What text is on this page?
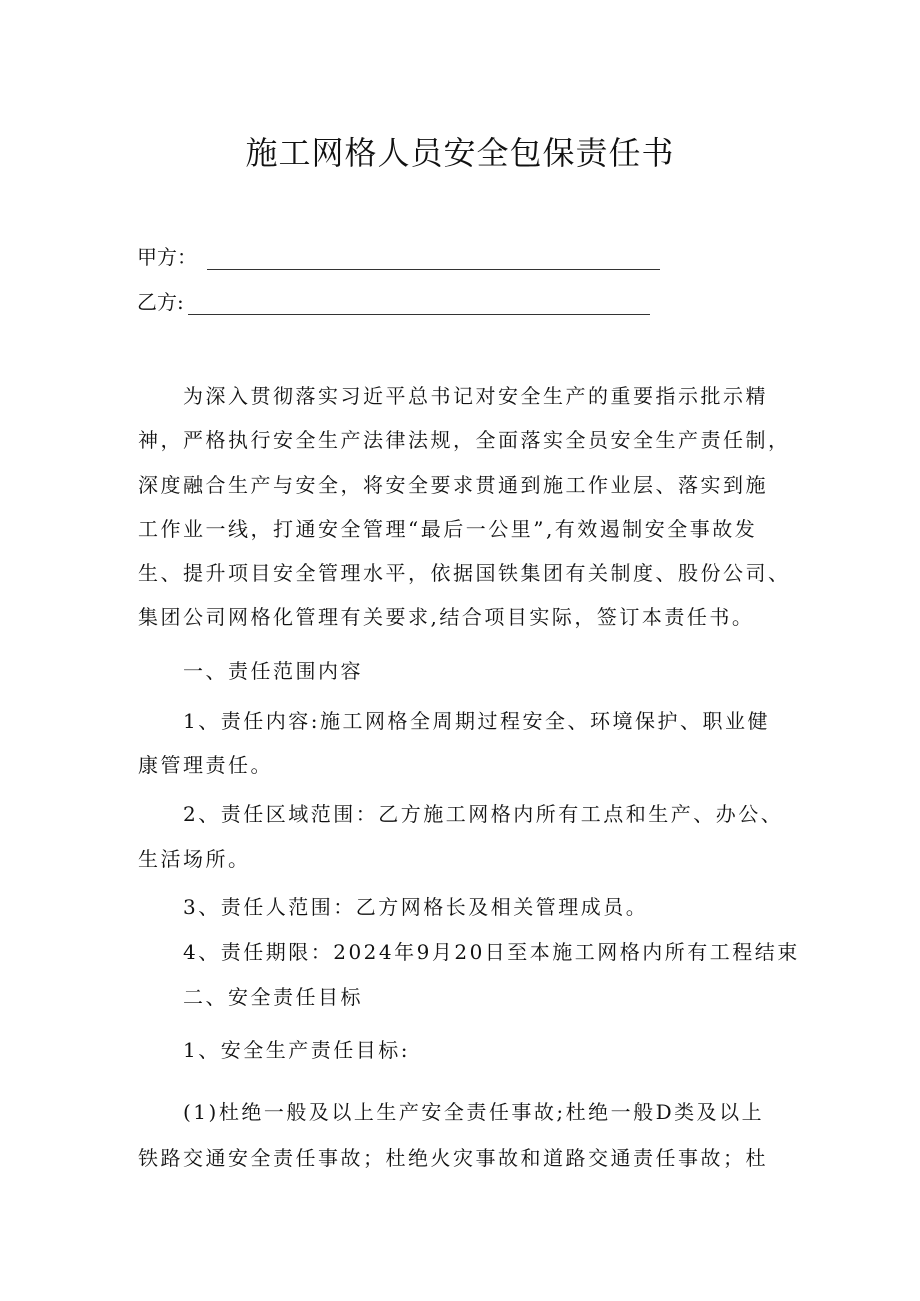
施工网格人员安全包保责任书
甲方：
乙方:

　　为深入贯彻落实习近平总书记对安全生产的重要指示批示精

神，严格执行安全生产法律法规，全面落实全员安全生产责任制，

深度融合生产与安全，将安全要求贯通到施工作业层、落实到施

工作业一线，打通安全管理“最后一公里”,有效遏制安全事故发

生、提升项目安全管理水平，依据国铁集团有关制度、股份公司、

集团公司网格化管理有关要求,结合项目实际，签订本责任书。

　　一、责任范围内容

　　1、责任内容:施工网格全周期过程安全、环境保护、职业健

康管理责任。

　　2、责任区域范围：乙方施工网格内所有工点和生产、办公、

生活场所。

　　3、责任人范围：乙方网格长及相关管理成员。

　　4、责任期限：2024年9月20日至本施工网格内所有工程结束

　　二、安全责任目标

　　1、安全生产责任目标:

　　(1)杜绝一般及以上生产安全责任事故;杜绝一般D类及以上

铁路交通安全责任事故；杜绝火灾事故和道路交通责任事故；杜
